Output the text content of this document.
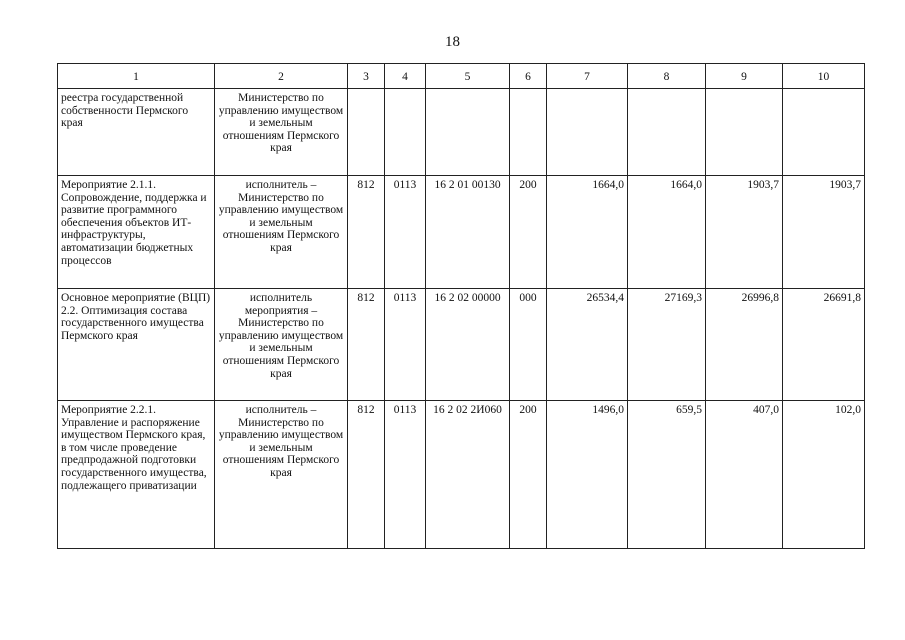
18
1	2	3	4	5	6	7	8	9	10
реестра государственной собственности Пермского края	Министерство по управлению имуществом и земельным отношениям Пермского края								
Мероприятие 2.1.1. Сопровождение, поддержка и развитие программного обеспечения объектов ИТ-инфраструктуры, автоматизации бюджетных процессов	исполнитель – Министерство по управлению имуществом и земельным отношениям Пермского края	812	0113	16 2 01 00130	200	1664,0	1664,0	1903,7	1903,7
Основное мероприятие (ВЦП) 2.2. Оптимизация состава государственного имущества Пермского края	исполнитель мероприятия – Министерство по управлению имуществом и земельным отношениям Пермского края	812	0113	16 2 02 00000	000	26534,4	27169,3	26996,8	26691,8
Мероприятие 2.2.1. Управление и распоряжение имуществом Пермского края, в том числе проведение предпродажной подготовки государственного имущества, подлежащего приватизации	исполнитель – Министерство по управлению имуществом и земельным отношениям Пермского края	812	0113	16 2 02 2И060	200	1496,0	659,5	407,0	102,0
